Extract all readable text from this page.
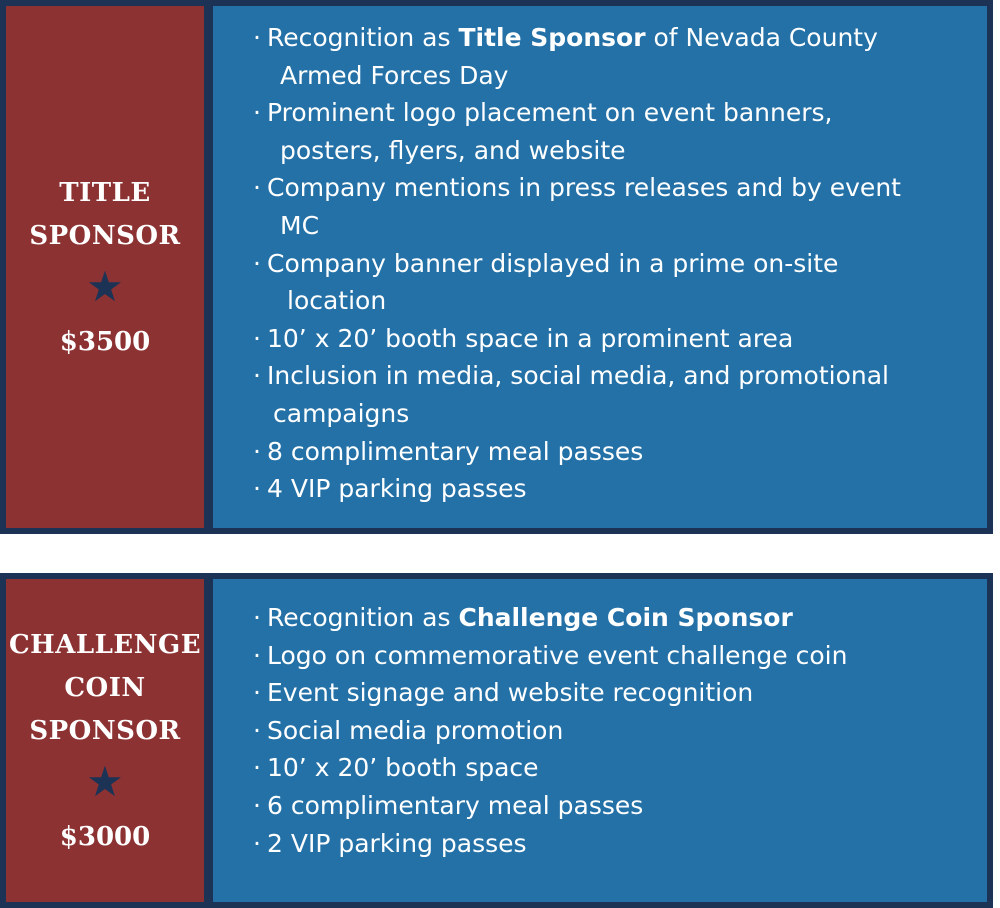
TITLE
SPONSOR
★
$3500
· Recognition as Title Sponsor of Nevada County
Armed Forces Day
· Prominent logo placement on event banners,
posters, flyers, and website
· Company mentions in press releases and by event
MC
· Company banner displayed in a prime on-site
location
· 10’ x 20’ booth space in a prominent area
· Inclusion in media, social media, and promotional
campaigns
· 8 complimentary meal passes
· 4 VIP parking passes
CHALLENGE
COIN
SPONSOR
★
$3000
· Recognition as Challenge Coin Sponsor
· Logo on commemorative event challenge coin
· Event signage and website recognition
· Social media promotion
· 10’ x 20’ booth space
· 6 complimentary meal passes
· 2 VIP parking passes
